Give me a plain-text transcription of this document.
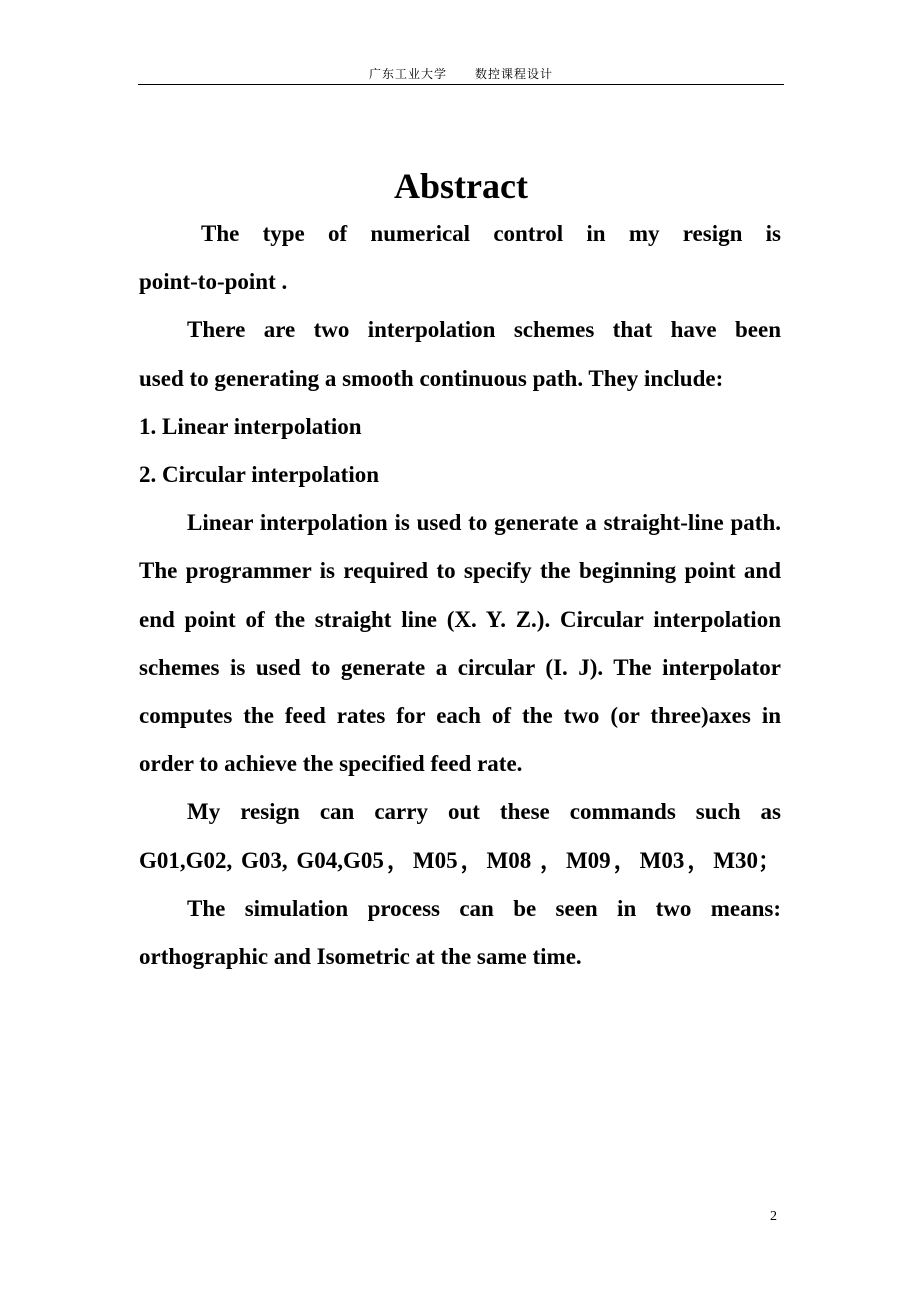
广东工业大学 数控课程设计
Abstract

The type of numerical control in my resign is

point-to-point .

There are two interpolation schemes that have been

used to generating a smooth continuous path. They include:

1. Linear interpolation

2. Circular interpolation

Linear interpolation is used to generate a straight-line path. The programmer is required to specify the beginning point and end point of the straight line (X. Y. Z.). Circular interpolation schemes is used to generate a circular (I. J). The interpolator computes the feed rates for each of the two (or three)axes in order to achieve the specified feed rate.

My resign can carry out these commands such as

G01,G02, G03, G04,G05，M05，M08 ，M09，M03，M30；

The simulation process can be seen in two means:

orthographic and Isometric at the same time.

2
